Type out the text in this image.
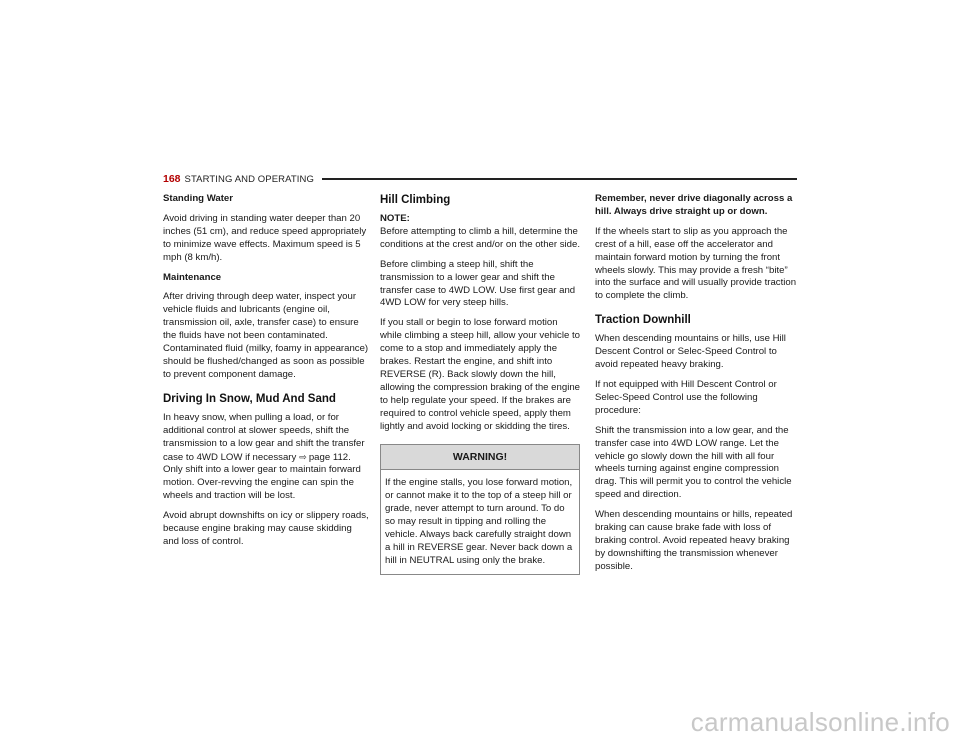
168 STARTING AND OPERATING
Standing Water

Avoid driving in standing water deeper than 20 inches (51 cm), and reduce speed appropriately to minimize wave effects. Maximum speed is 5 mph (8 km/h).

Maintenance

After driving through deep water, inspect your vehicle fluids and lubricants (engine oil, transmission oil, axle, transfer case) to ensure the fluids have not been contaminated. Contaminated fluid (milky, foamy in appearance) should be flushed/changed as soon as possible to prevent component damage.

Driving In Snow, Mud And Sand

In heavy snow, when pulling a load, or for additional control at slower speeds, shift the transmission to a low gear and shift the transfer case to 4WD LOW if necessary ⇨ page 112. Only shift into a lower gear to maintain forward motion. Over-revving the engine can spin the wheels and traction will be lost.

Avoid abrupt downshifts on icy or slippery roads, because engine braking may cause skidding and loss of control.

Hill Climbing

NOTE:
Before attempting to climb a hill, determine the conditions at the crest and/or on the other side.

Before climbing a steep hill, shift the transmission to a lower gear and shift the transfer case to 4WD LOW. Use first gear and 4WD LOW for very steep hills.

If you stall or begin to lose forward motion while climbing a steep hill, allow your vehicle to come to a stop and immediately apply the brakes. Restart the engine, and shift into REVERSE (R). Back slowly down the hill, allowing the compression braking of the engine to help regulate your speed. If the brakes are required to control vehicle speed, apply them lightly and avoid locking or skidding the tires.

WARNING!
If the engine stalls, you lose forward motion, or cannot make it to the top of a steep hill or grade, never attempt to turn around. To do so may result in tipping and rolling the vehicle. Always back carefully straight down a hill in REVERSE gear. Never back down a hill in NEUTRAL using only the brake.

Remember, never drive diagonally across a hill. Always drive straight up or down.

If the wheels start to slip as you approach the crest of a hill, ease off the accelerator and maintain forward motion by turning the front wheels slowly. This may provide a fresh “bite” into the surface and will usually provide traction to complete the climb.

Traction Downhill

When descending mountains or hills, use Hill Descent Control or Selec-Speed Control to avoid repeated heavy braking.

If not equipped with Hill Descent Control or Selec-Speed Control use the following procedure:

Shift the transmission into a low gear, and the transfer case into 4WD LOW range. Let the vehicle go slowly down the hill with all four wheels turning against engine compression drag. This will permit you to control the vehicle speed and direction.

When descending mountains or hills, repeated braking can cause brake fade with loss of braking control. Avoid repeated heavy braking by downshifting the transmission whenever possible.

carmanualsonline.info
